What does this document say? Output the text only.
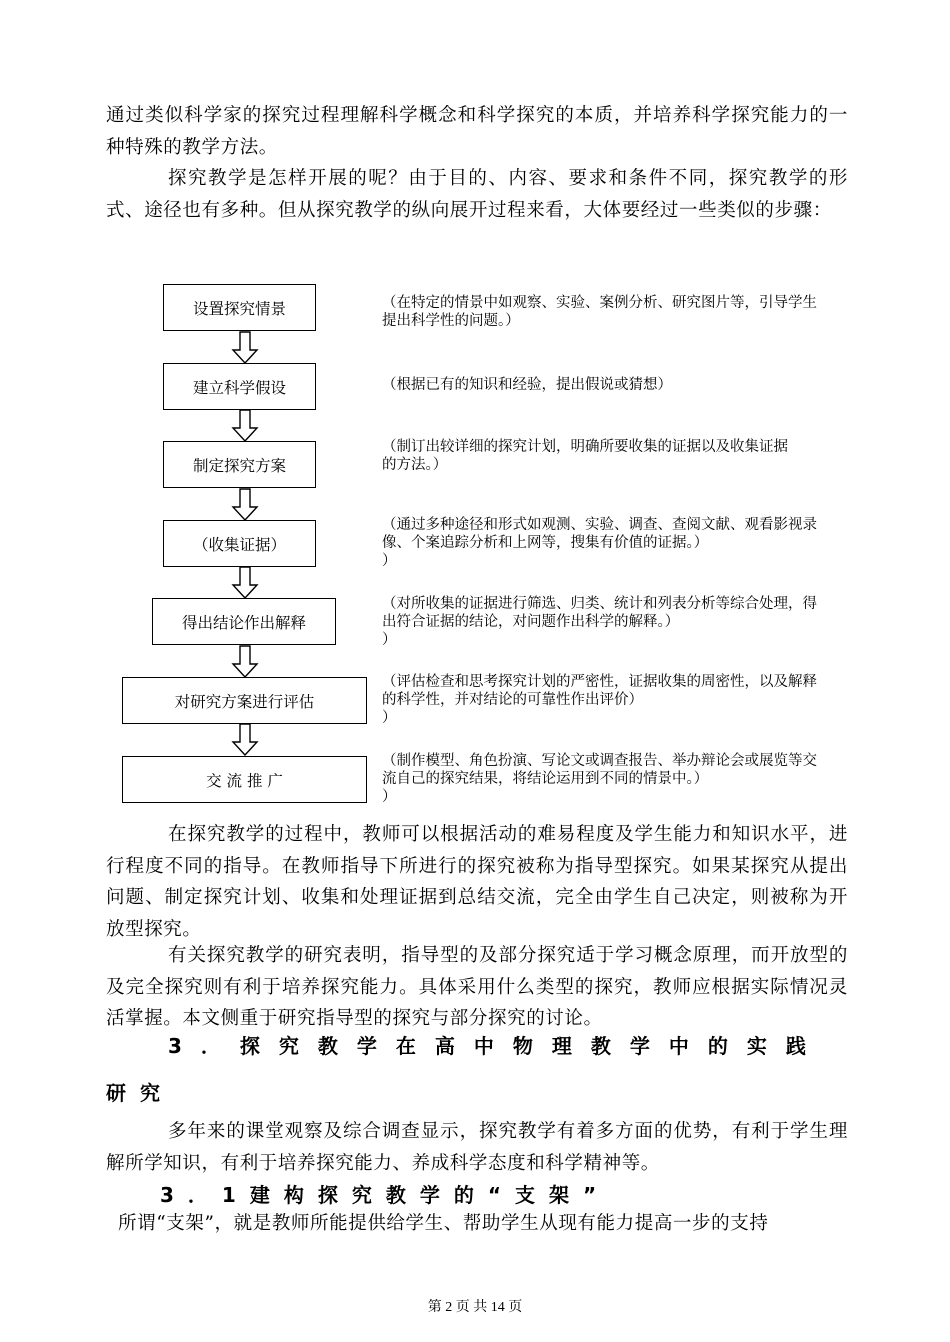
通过类似科学家的探究过程理解科学概念和科学探究的本质，并培养科学探究能力的一种特殊的教学方法。

探究教学是怎样开展的呢？由于目的、内容、要求和条件不同，探究教学的形式、途径也有多种。但从探究教学的纵向展开过程来看，大体要经过一些类似的步骤：

设置探究情景
建立科学假设
制定探究方案
（收集证据）
得出结论作出解释
对研究方案进行评估
交 流 推 广

（在特定的情景中如观察、实验、案例分析、研究图片等，引导学生
提出科学性的问题。）

（根据已有的知识和经验，提出假说或猜想）

（制订出较详细的探究计划，明确所要收集的证据以及收集证据
的方法。）

（通过多种途径和形式如观测、实验、调查、查阅文献、观看影视录
像、个案追踪分析和上网等，搜集有价值的证据。）
）

（对所收集的证据进行筛选、归类、统计和列表分析等综合处理，得
出符合证据的结论，对问题作出科学的解释。）
）

（评估检查和思考探究计划的严密性，证据收集的周密性，以及解释
的科学性，并对结论的可靠性作出评价）
）

（制作模型、角色扮演、写论文或调查报告、举办辩论会或展览等交
流自己的探究结果，将结论运用到不同的情景中。）
）

在探究教学的过程中，教师可以根据活动的难易程度及学生能力和知识水平，进行程度不同的指导。在教师指导下所进行的探究被称为指导型探究。如果某探究从提出问题、制定探究计划、收集和处理证据到总结交流，完全由学生自己决定，则被称为开放型探究。

有关探究教学的研究表明，指导型的及部分探究适于学习概念原理，而开放型的及完全探究则有利于培养探究能力。具体采用什么类型的探究，教师应根据实际情况灵活掌握。本文侧重于研究指导型的探究与部分探究的讨论。

3．探究教学在高中物理教学中的实践

研究

多年来的课堂观察及综合调查显示，探究教学有着多方面的优势，有利于学生理解所学知识，有利于培养探究能力、养成科学态度和科学精神等。

3．1建构探究教学的“支架”

所谓“支架”，就是教师所能提供给学生、帮助学生从现有能力提高一步的支持

第 2 页 共 14 页
